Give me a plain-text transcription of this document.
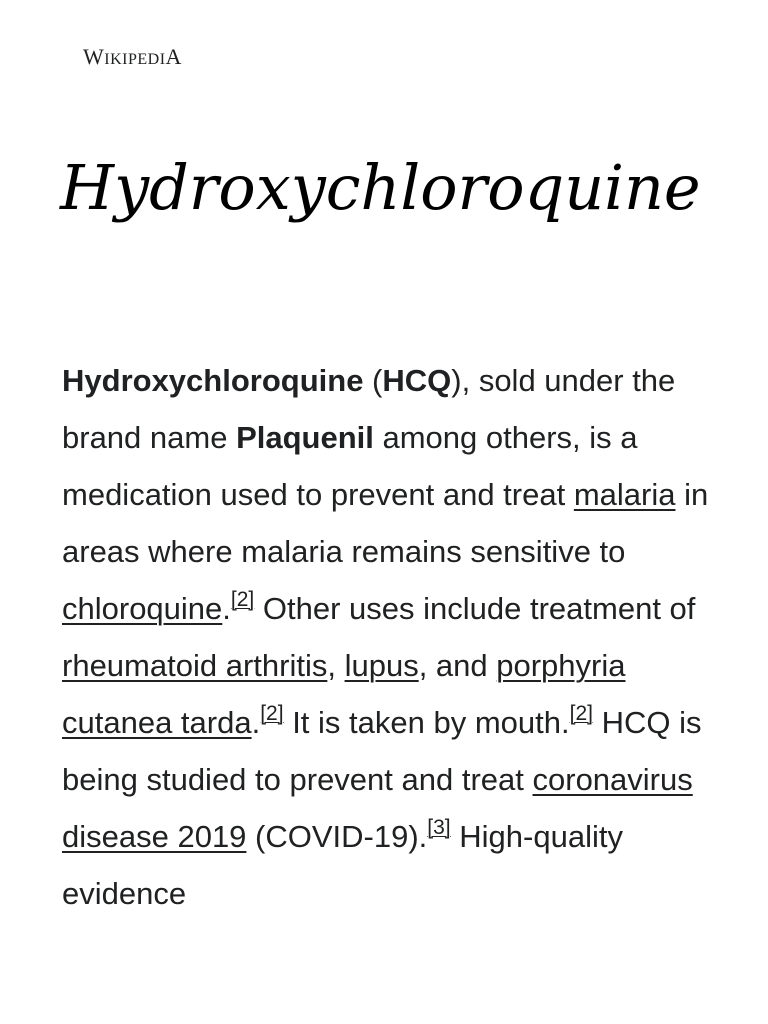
WIKIPEDIA
Hydroxychloroquine

Hydroxychloroquine (HCQ), sold under the brand name Plaquenil among others, is a medication used to prevent and treat malaria in areas where malaria remains sensitive to chloroquine.[2] Other uses include treatment of rheumatoid arthritis, lupus, and porphyria cutanea tarda.[2] It is taken by mouth.[2] HCQ is being studied to prevent and treat coronavirus disease 2019 (COVID-19).[3] High-quality evidence
